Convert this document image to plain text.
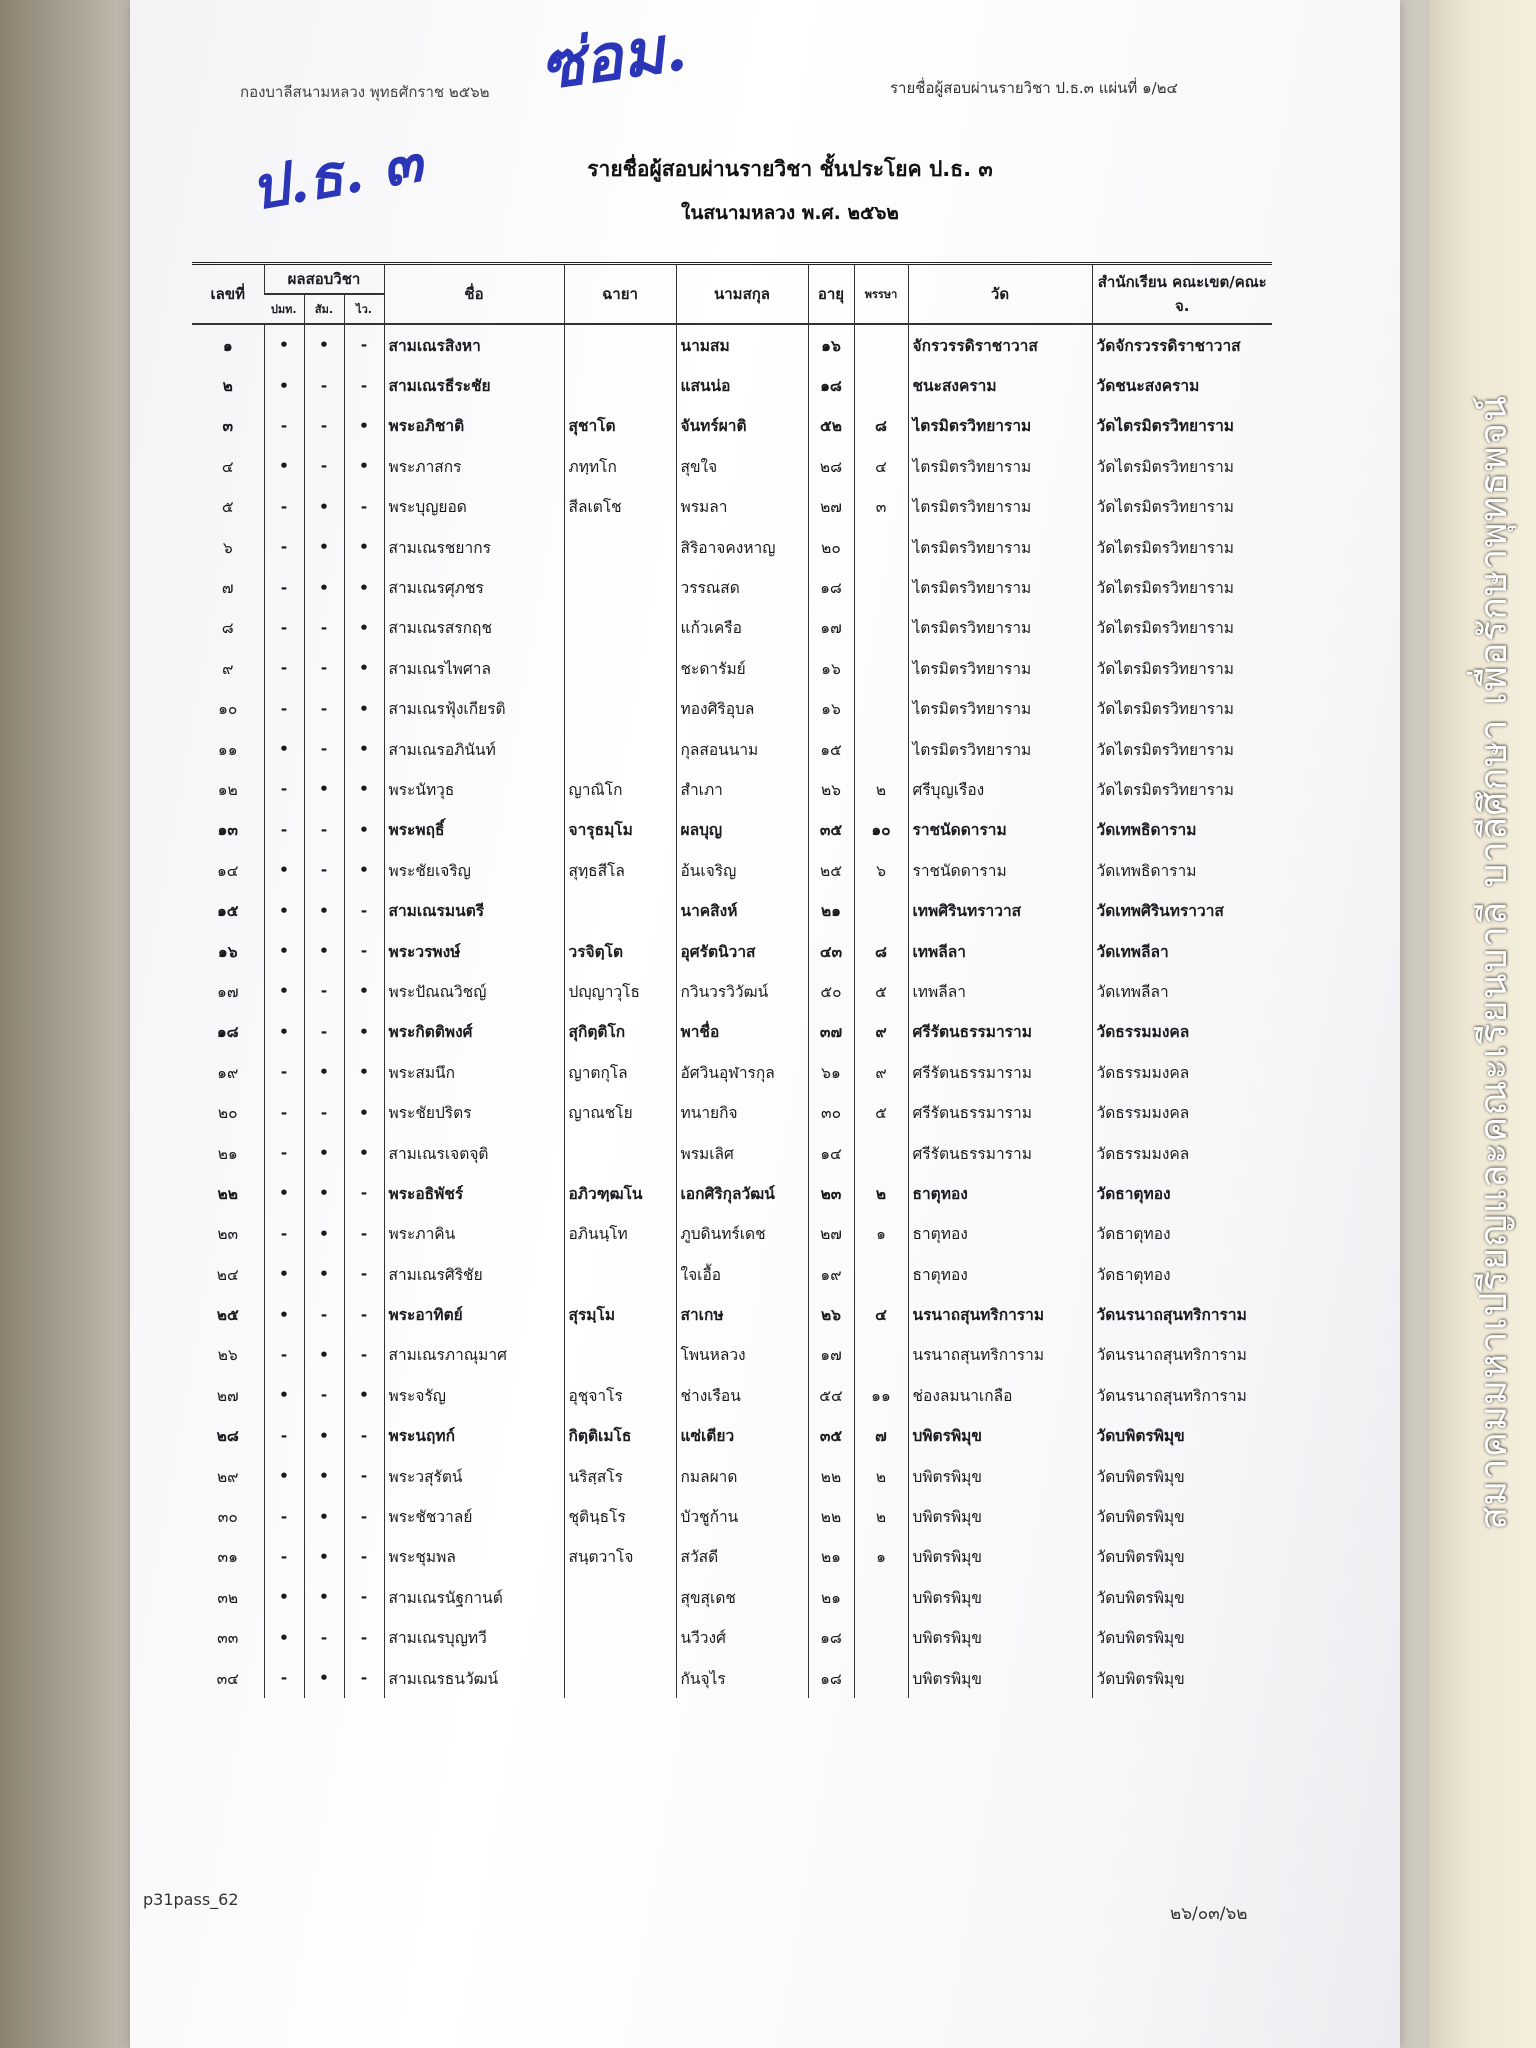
กองบาลีสนามหลวง พุทธศักราช ๒๕๖๒	รายชื่อผู้สอบผ่านรายวิชา ป.ธ.๓ แผ่นที่ ๑/๒๔
ซ่อม.
ป.ธ. ๓	รายชื่อผู้สอบผ่านรายวิชา ชั้นประโยค ป.ธ. ๓
ในสนามหลวง พ.ศ. ๒๕๖๒
เลขที่	ผลสอบวิชา			ชื่อ	ฉายา	นามสกุล	อายุ	พรรษา	วัด	สำนักเรียน คณะเขต/คณะ จ.
	ปมท.	สัม.	ไว.							
๑	•	•	-	สามเณรสิงหา		นามสม	๑๖		จักรวรรดิราชาวาส	วัดจักรวรรดิราชาวาส
๒	•	-	-	สามเณรธีระชัย		แสนน่อ	๑๘		ชนะสงคราม	วัดชนะสงคราม
๓	-	-	•	พระอภิชาติ	สุชาโต	จันทร์ผาติ	๕๒	๘	ไตรมิตรวิทยาราม	วัดไตรมิตรวิทยาราม
๔	•	-	•	พระภาสกร	ภทฺทโก	สุขใจ	๒๘	๔	ไตรมิตรวิทยาราม	วัดไตรมิตรวิทยาราม
๕	-	•	-	พระบุญยอด	สีลเตโช	พรมลา	๒๗	๓	ไตรมิตรวิทยาราม	วัดไตรมิตรวิทยาราม
๖	-	•	•	สามเณรชยากร		สิริอาจคงหาญ	๒๐		ไตรมิตรวิทยาราม	วัดไตรมิตรวิทยาราม
๗	-	•	•	สามเณรศุภชร		วรรณสด	๑๘		ไตรมิตรวิทยาราม	วัดไตรมิตรวิทยาราม
๘	-	-	•	สามเณรสรกฤช		แก้วเครือ	๑๗		ไตรมิตรวิทยาราม	วัดไตรมิตรวิทยาราม
๙	-	-	•	สามเณรไพศาล		ชะดารัมย์	๑๖		ไตรมิตรวิทยาราม	วัดไตรมิตรวิทยาราม
๑๐	-	-	•	สามเณรฟุ้งเกียรติ		ทองศิริอุบล	๑๖		ไตรมิตรวิทยาราม	วัดไตรมิตรวิทยาราม
๑๑	•	-	•	สามเณรอภินันท์		กุลสอนนาม	๑๕		ไตรมิตรวิทยาราม	วัดไตรมิตรวิทยาราม
๑๒	-	•	•	พระนัทวุธ	ญาณิโก	สำเภา	๒๖	๒	ศรีบุญเรือง	วัดไตรมิตรวิทยาราม
๑๓	-	-	•	พระพฤธิ์	จารุธมฺโม	ผลบุญ	๓๕	๑๐	ราชนัดดาราม	วัดเทพธิดาราม
๑๔	•	-	•	พระชัยเจริญ	สุทฺธสีโล	อ้นเจริญ	๒๕	๖	ราชนัดดาราม	วัดเทพธิดาราม
๑๕	•	•	-	สามเณรมนตรี		นาคสิงห์	๒๑		เทพศิรินทราวาส	วัดเทพศิรินทราวาส
๑๖	•	•	-	พระวรพงษ์	วรจิตฺโต	อุศรัตนิวาส	๔๓	๘	เทพลีลา	วัดเทพลีลา
๑๗	•	-	•	พระปัณณวิชญ์	ปญฺญาวุโธ	กวินวรวิวัฒน์	๕๐	๕	เทพลีลา	วัดเทพลีลา
๑๘	•	-	•	พระกิตติพงศ์	สุกิตฺติโก	พาชื่อ	๓๗	๙	ศรีรัตนธรรมาราม	วัดธรรมมงคล
๑๙	-	•	•	พระสมนึก	ญาตกุโล	อัศวินอุฬารกุล	๖๑	๙	ศรีรัตนธรรมาราม	วัดธรรมมงคล
๒๐	-	-	•	พระชัยปริตร	ญาณชโย	ทนายกิจ	๓๐	๕	ศรีรัตนธรรมาราม	วัดธรรมมงคล
๒๑	-	•	•	สามเณรเจตจุติ		พรมเลิศ	๑๔		ศรีรัตนธรรมาราม	วัดธรรมมงคล
๒๒	•	•	-	พระอธิพัชร์	อภิวฑฺฒโน	เอกศิริกุลวัฒน์	๒๓	๒	ธาตุทอง	วัดธาตุทอง
๒๓	-	•	-	พระภาคิน	อภินนฺโท	ภูบดินทร์เดช	๒๗	๑	ธาตุทอง	วัดธาตุทอง
๒๔	•	•	-	สามเณรศิริชัย		ใจเอื้อ	๑๙		ธาตุทอง	วัดธาตุทอง
๒๕	•	-	-	พระอาทิตย์	สุรมฺโม	สาเกษ	๒๖	๔	นรนาถสุนทริการาม	วัดนรนาถสุนทริการาม
๒๖	-	•	-	สามเณรภาณุมาศ		โพนหลวง	๑๗		นรนาถสุนทริการาม	วัดนรนาถสุนทริการาม
๒๗	•	-	•	พระจรัญ	อุชุจาโร	ช่างเรือน	๕๔	๑๑	ช่องลมนาเกลือ	วัดนรนาถสุนทริการาม
๒๘	-	•	-	พระนฤทก์	กิตฺติเมโธ	แซ่เตียว	๓๕	๗	บพิตรพิมุข	วัดบพิตรพิมุข
๒๙	•	•	-	พระวสุรัตน์	นริสฺสโร	กมลผาด	๒๒	๒	บพิตรพิมุข	วัดบพิตรพิมุข
๓๐	-	•	-	พระชัชวาลย์	ชุตินฺธโร	บัวชูก้าน	๒๒	๒	บพิตรพิมุข	วัดบพิตรพิมุข
๓๑	-	•	-	พระชุมพล	สนฺตวาโจ	สวัสดี	๒๑	๑	บพิตรพิมุข	วัดบพิตรพิมุข
๓๒	•	•	-	สามเณรนัฐกานต์		สุขสุเดช	๒๑		บพิตรพิมุข	วัดบพิตรพิมุข
๓๓	•	-	-	สามเณรบุญทวี		นวีวงศ์	๑๘		บพิตรพิมุข	วัดบพิตรพิมุข
๓๔	-	•	-	สามเณรธนวัฒน์		กันจุไร	๑๘		บพิตรพิมุข	วัดบพิตรพิมุข
p31pass_62
๒๖/๐๓/๖๒
สมาคมมหาเปรียญและคณะเรียนบาลี บาลีศึกษา เพื่อรักษาพุทธพจน์
